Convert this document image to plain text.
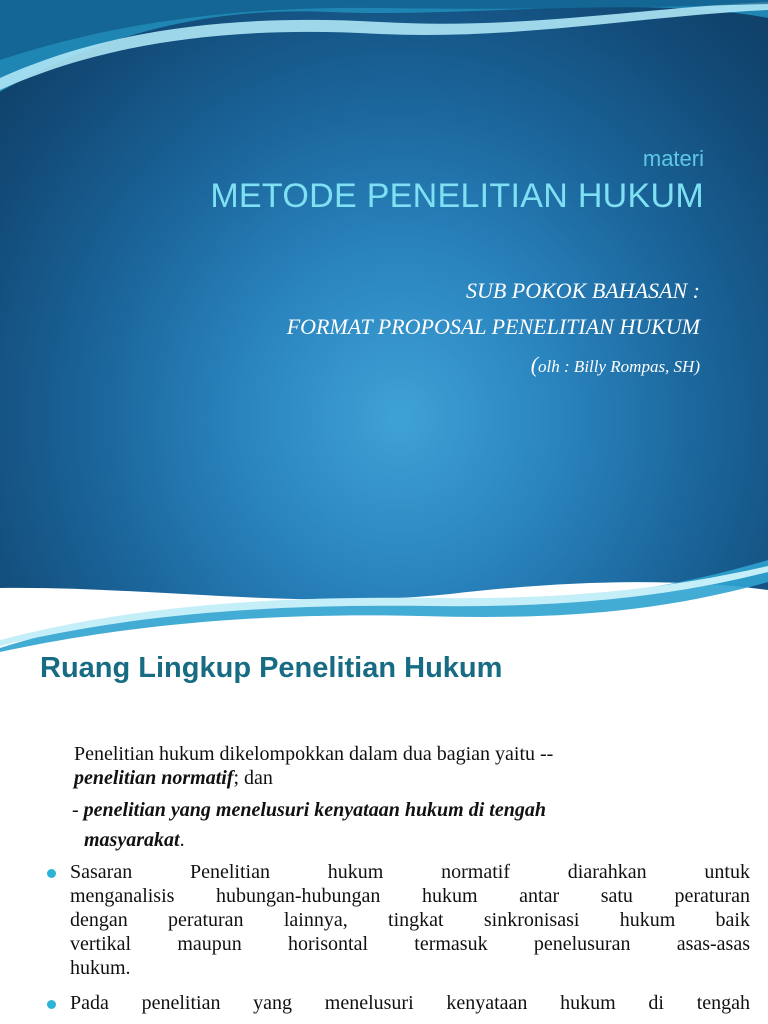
materi
METODE PENELITIAN HUKUM
SUB POKOK BAHASAN :
FORMAT PROPOSAL PENELITIAN HUKUM
(olh : Billy Rompas, SH)
Ruang Lingkup Penelitian Hukum
Penelitian hukum dikelompokkan dalam dua bagian yaitu --
penelitian normatif; dan
- penelitian yang menelusuri kenyataan hukum di tengah
masyarakat.
Sasaran Penelitian hukum normatif diarahkan untuk
menganalisis hubungan-hubungan hukum antar satu peraturan
dengan peraturan lainnya, tingkat sinkronisasi hukum baik
vertikal maupun horisontal termasuk penelusuran asas-asas
hukum.
Pada penelitian yang menelusuri kenyataan hukum di tengah
